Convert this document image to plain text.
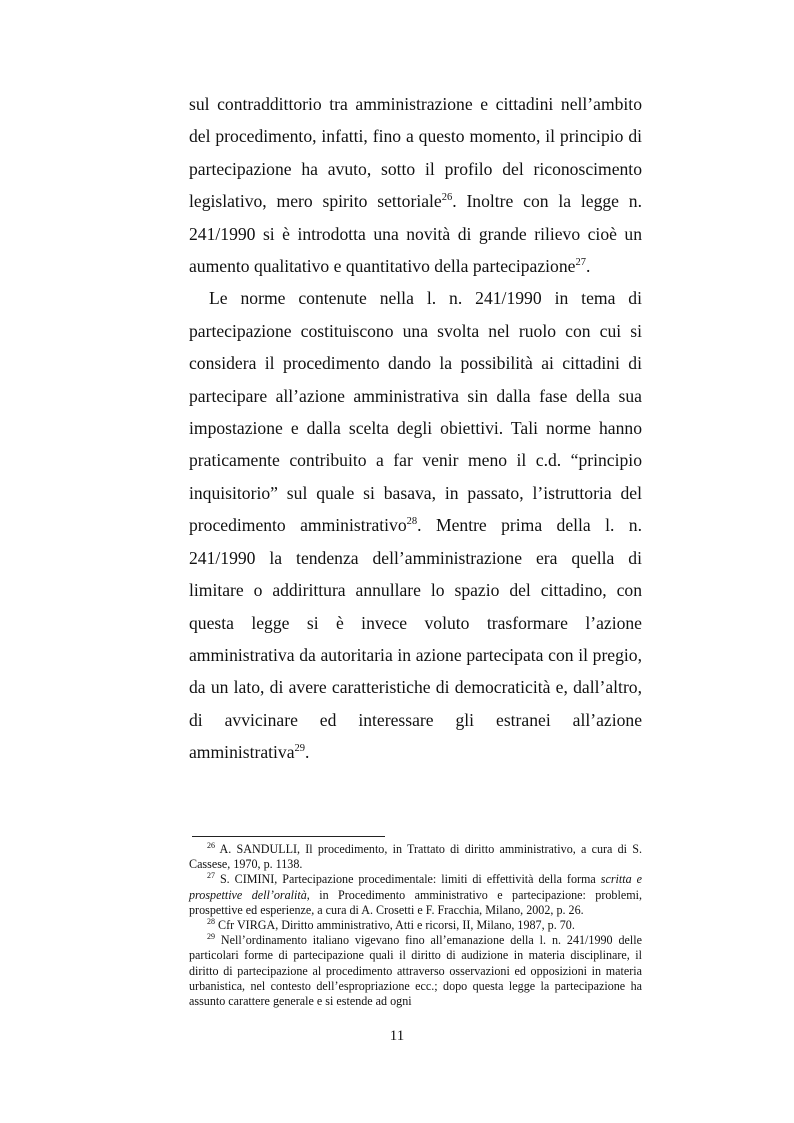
sul contraddittorio tra amministrazione e cittadini nell’ambito del procedimento, infatti, fino a questo momento, il principio di partecipazione ha avuto, sotto il profilo del riconoscimento legislativo, mero spirito settoriale$^{26}$. Inoltre con la legge n. 241/1990 si è introdotta una novità di grande rilievo cioè un aumento qualitativo e quantitativo della partecipazione$^{27}$.

Le norme contenute nella l. n. 241/1990 in tema di partecipazione costituiscono una svolta nel ruolo con cui si considera il procedimento dando la possibilità ai cittadini di partecipare all’azione amministrativa sin dalla fase della sua impostazione e dalla scelta degli obiettivi. Tali norme hanno praticamente contribuito a far venir meno il c.d. “principio inquisitorio” sul quale si basava, in passato, l’istruttoria del procedimento amministrativo$^{28}$. Mentre prima della l. n. 241/1990 la tendenza dell’amministrazione era quella di limitare o addirittura annullare lo spazio del cittadino, con questa legge si è invece voluto trasformare l’azione amministrativa da autoritaria in azione partecipata con il pregio, da un lato, di avere caratteristiche di democraticità e, dall’altro, di avvicinare ed interessare gli estranei all’azione amministrativa$^{29}$.

$^{26}$ A. SANDULLI, Il procedimento, in Trattato di diritto amministrativo, a cura di S. Cassese, 1970, p. 1138.

$^{27}$ S. CIMINI, Partecipazione procedimentale: limiti di effettività della forma scritta e prospettive dell’oralità, in Procedimento amministrativo e partecipazione: problemi, prospettive ed esperienze, a cura di A. Crosetti e F. Fracchia, Milano, 2002, p. 26.

$^{28}$ Cfr VIRGA, Diritto amministrativo, Atti e ricorsi, II, Milano, 1987, p. 70.

$^{29}$ Nell’ordinamento italiano vigevano fino all’emanazione della l. n. 241/1990 delle particolari forme di partecipazione quali il diritto di audizione in materia disciplinare, il diritto di partecipazione al procedimento attraverso osservazioni ed opposizioni in materia urbanistica, nel contesto dell’espropriazione ecc.; dopo questa legge la partecipazione ha assunto carattere generale e si estende ad ogni

11
